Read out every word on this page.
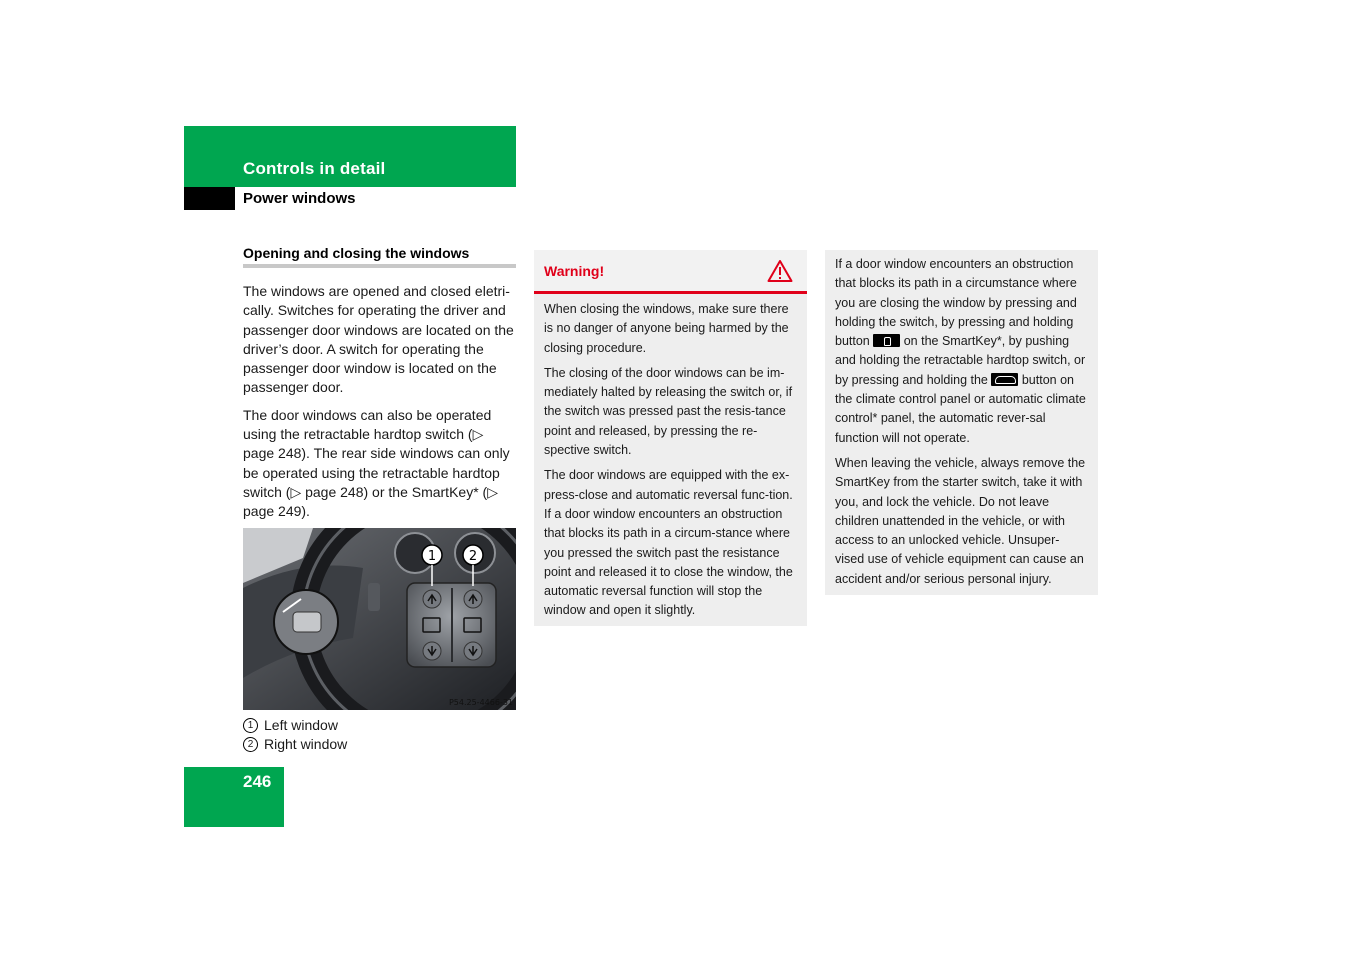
Controls in detail
Power windows
Opening and closing the windows

The windows are opened and closed eletri-cally. Switches for operating the driver and passenger door windows are located on the driver’s door. A switch for operating the passenger door window is located on the passenger door.

The door windows can also be operated using the retractable hardtop switch (▷ page 248). The rear side windows can only be operated using the retractable hardtop switch (▷ page 248) or the SmartKey* (▷ page 249).

1	2
P54.25-4466-31
1 Left window
2 Right window
246
Warning!

When closing the windows, make sure there is no danger of anyone being harmed by the closing procedure.

The closing of the door windows can be im-mediately halted by releasing the switch or, if the switch was pressed past the resis-tance point and released, by pressing the re-spective switch.

The door windows are equipped with the ex-press-close and automatic reversal func-tion. If a door window encounters an obstruction that blocks its path in a circum-stance where you pressed the switch past the resistance point and released it to close the window, the automatic reversal function will stop the window and open it slightly.

If a door window encounters an obstruction that blocks its path in a circumstance where you are closing the window by pressing and holding the switch, by pressing and holding button	on the SmartKey*, by pushing and holding the retractable hardtop switch, or by pressing and holding the	button on the climate control panel or automatic climate control* panel, the automatic rever-sal function will not operate.

When leaving the vehicle, always remove the SmartKey from the starter switch, take it with you, and lock the vehicle. Do not leave children unattended in the vehicle, or with access to an unlocked vehicle. Unsuper-vised use of vehicle equipment can cause an accident and/or serious personal injury.
